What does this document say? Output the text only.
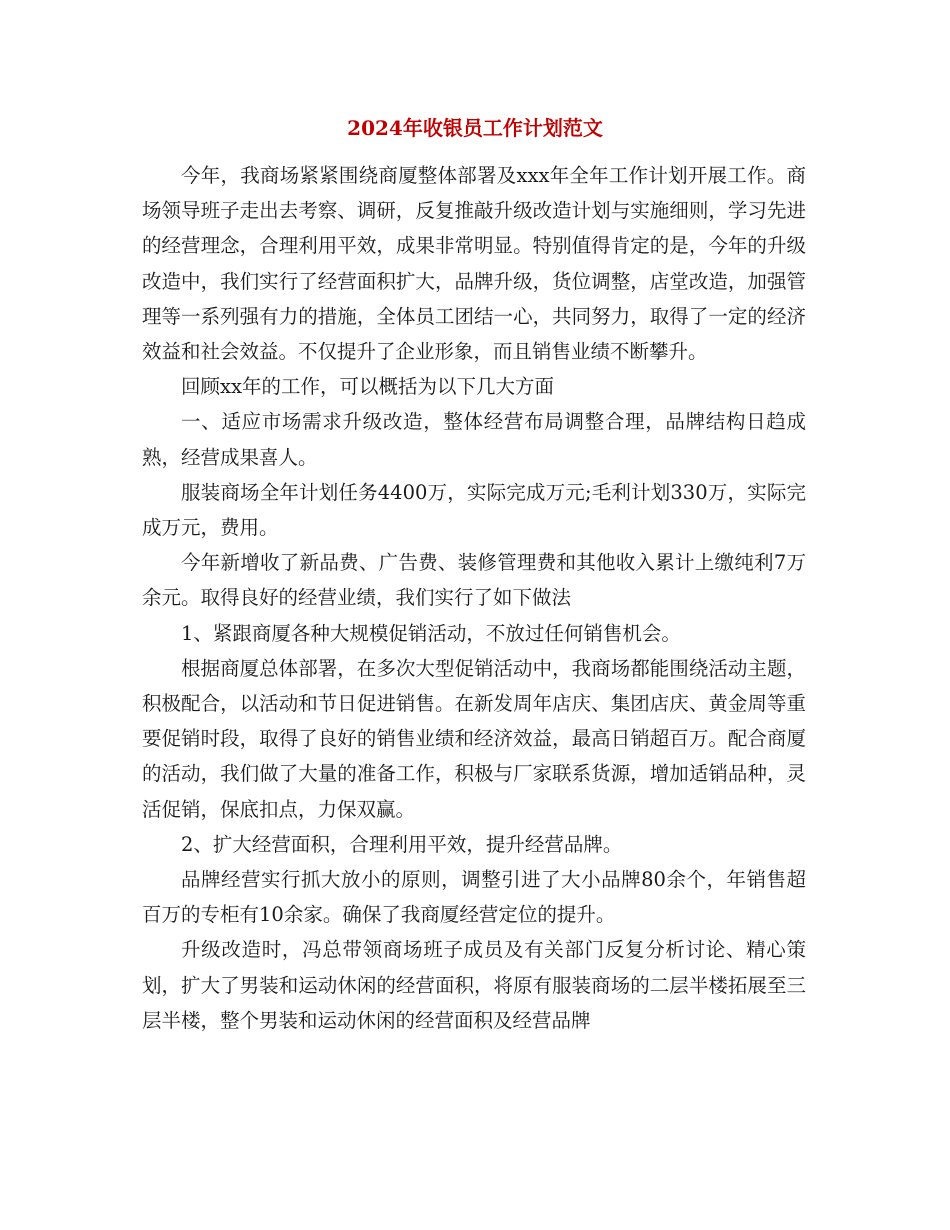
2024年收银员工作计划范文

今年，我商场紧紧围绕商厦整体部署及xxx年全年工作计划开展工作。商场领导班子走出去考察、调研，反复推敲升级改造计划与实施细则，学习先进的经营理念，合理利用平效，成果非常明显。特别值得肯定的是，今年的升级改造中，我们实行了经营面积扩大，品牌升级，货位调整，店堂改造，加强管理等一系列强有力的措施，全体员工团结一心，共同努力，取得了一定的经济效益和社会效益。不仅提升了企业形象，而且销售业绩不断攀升。

回顾xx年的工作，可以概括为以下几大方面

一、适应市场需求升级改造，整体经营布局调整合理，品牌结构日趋成熟，经营成果喜人。

服装商场全年计划任务4400万，实际完成万元;毛利计划330万，实际完成万元，费用。

今年新增收了新品费、广告费、装修管理费和其他收入累计上缴纯利7万余元。取得良好的经营业绩，我们实行了如下做法

1、紧跟商厦各种大规模促销活动，不放过任何销售机会。

根据商厦总体部署，在多次大型促销活动中，我商场都能围绕活动主题，积极配合，以活动和节日促进销售。在新发周年店庆、集团店庆、黄金周等重要促销时段，取得了良好的销售业绩和经济效益，最高日销超百万。配合商厦的活动，我们做了大量的准备工作，积极与厂家联系货源，增加适销品种，灵活促销，保底扣点，力保双赢。

2、扩大经营面积，合理利用平效，提升经营品牌。

品牌经营实行抓大放小的原则，调整引进了大小品牌80余个，年销售超百万的专柜有10余家。确保了我商厦经营定位的提升。

升级改造时，冯总带领商场班子成员及有关部门反复分析讨论、精心策划，扩大了男装和运动休闲的经营面积，将原有服装商场的二层半楼拓展至三层半楼，整个男装和运动休闲的经营面积及经营品牌
